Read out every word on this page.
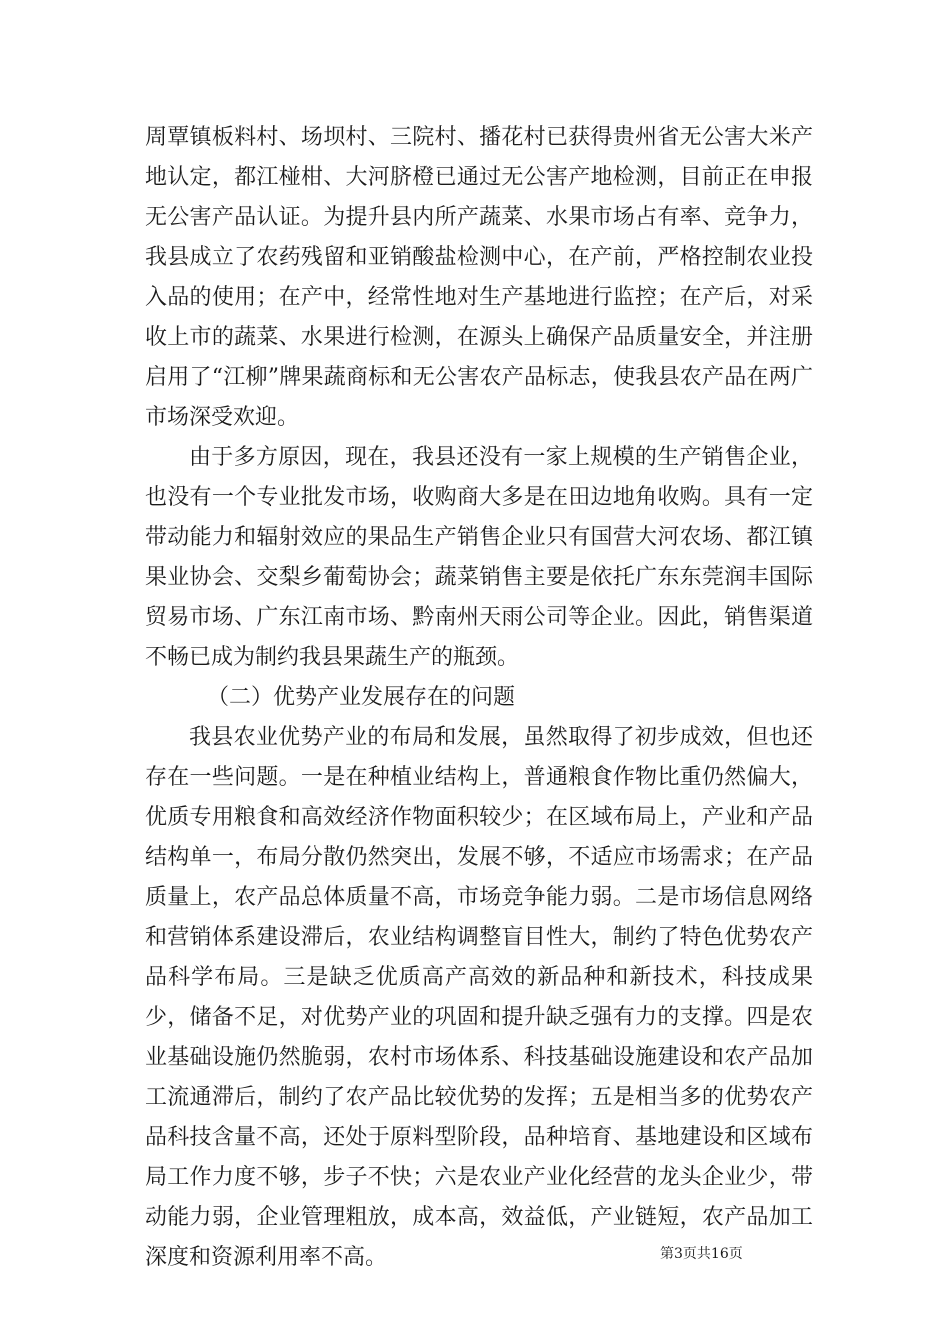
周覃镇板料村、场坝村、三院村、播花村已获得贵州省无公害大米产地认定，都江椪柑、大河脐橙已通过无公害产地检测，目前正在申报无公害产品认证。为提升县内所产蔬菜、水果市场占有率、竞争力，我县成立了农药残留和亚销酸盐检测中心，在产前，严格控制农业投入品的使用；在产中，经常性地对生产基地进行监控；在产后，对采收上市的蔬菜、水果进行检测，在源头上确保产品质量安全，并注册启用了“江柳”牌果蔬商标和无公害农产品标志，使我县农产品在两广市场深受欢迎。

由于多方原因，现在，我县还没有一家上规模的生产销售企业，也没有一个专业批发市场，收购商大多是在田边地角收购。具有一定带动能力和辐射效应的果品生产销售企业只有国营大河农场、都江镇果业协会、交梨乡葡萄协会；蔬菜销售主要是依托广东东莞润丰国际贸易市场、广东江南市场、黔南州天雨公司等企业。因此，销售渠道不畅已成为制约我县果蔬生产的瓶颈。

（二）优势产业发展存在的问题

我县农业优势产业的布局和发展，虽然取得了初步成效，但也还存在一些问题。一是在种植业结构上，普通粮食作物比重仍然偏大，优质专用粮食和高效经济作物面积较少；在区域布局上，产业和产品结构单一，布局分散仍然突出，发展不够，不适应市场需求；在产品质量上，农产品总体质量不高，市场竞争能力弱。二是市场信息网络和营销体系建设滞后，农业结构调整盲目性大，制约了特色优势农产品科学布局。三是缺乏优质高产高效的新品种和新技术，科技成果少，储备不足，对优势产业的巩固和提升缺乏强有力的支撑。四是农业基础设施仍然脆弱，农村市场体系、科技基础设施建设和农产品加工流通滞后，制约了农产品比较优势的发挥；五是相当多的优势农产品科技含量不高，还处于原料型阶段，品种培育、基地建设和区域布局工作力度不够，步子不快；六是农业产业化经营的龙头企业少，带动能力弱，企业管理粗放，成本高，效益低，产业链短，农产品加工深度和资源利用率不高。	第3页共16页
